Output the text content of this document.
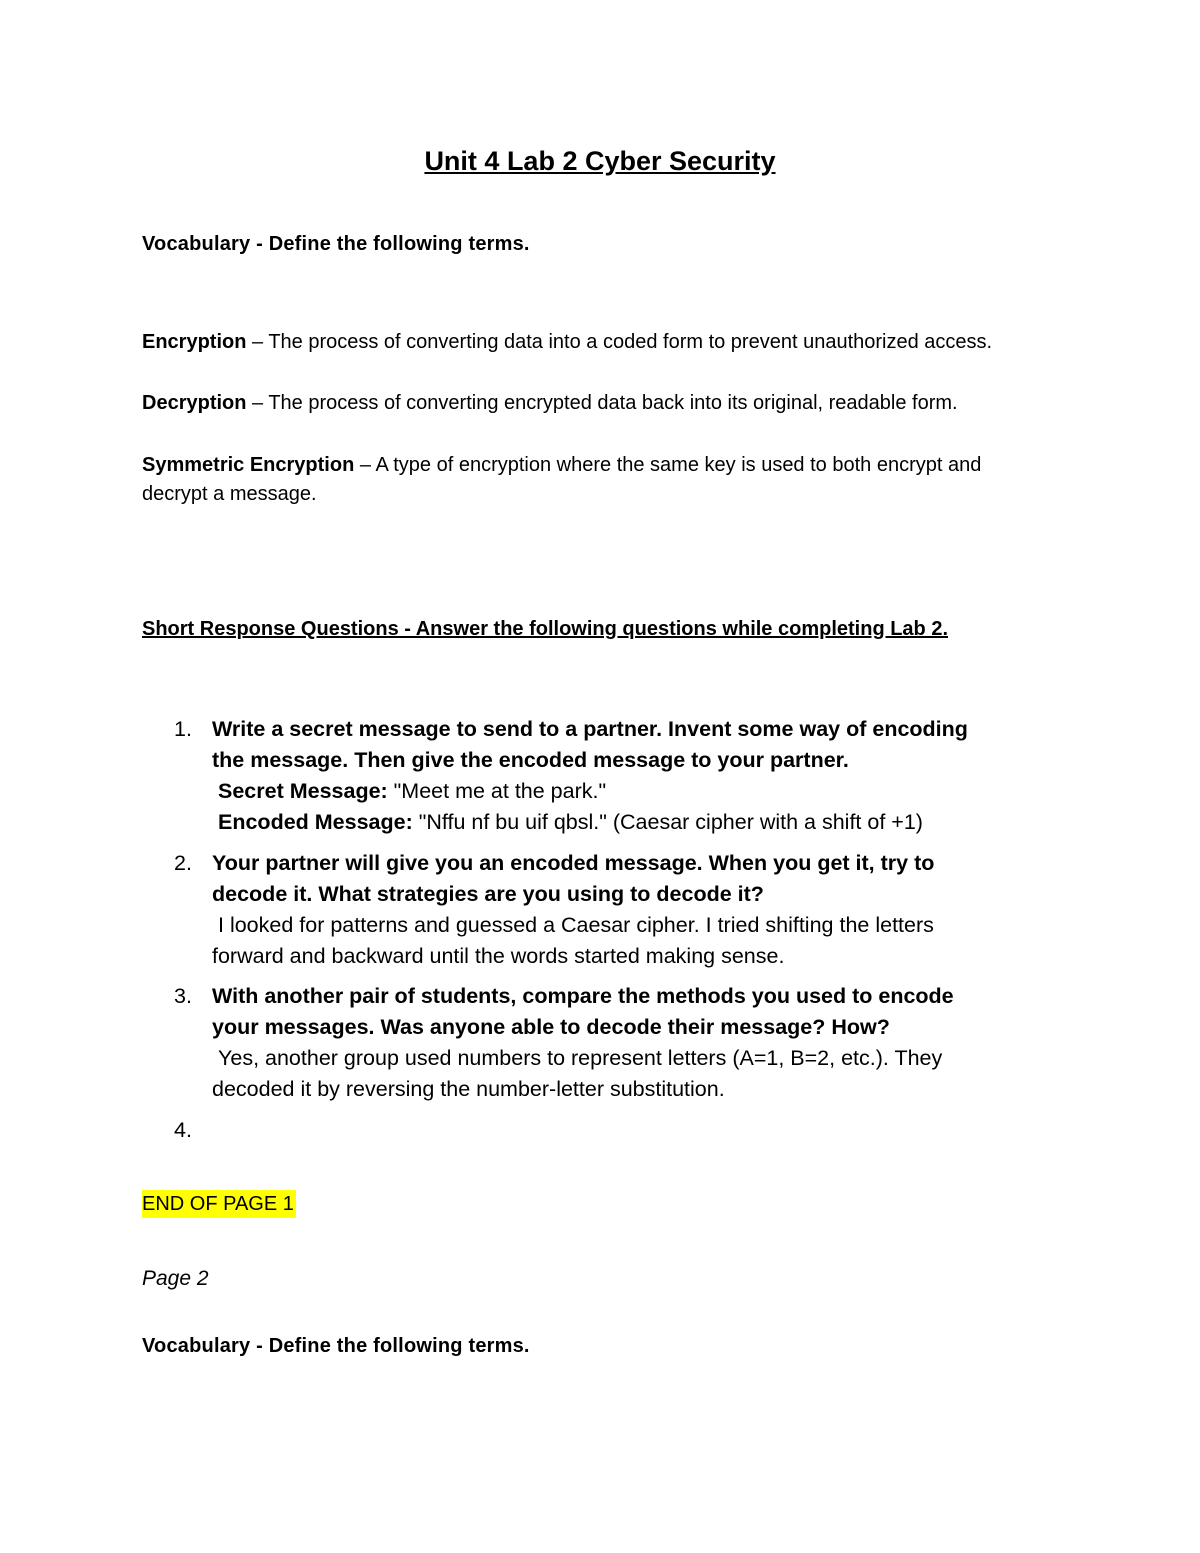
Unit 4 Lab 2 Cyber Security
Vocabulary - Define the following terms.
Encryption – The process of converting data into a coded form to prevent unauthorized access.
Decryption – The process of converting encrypted data back into its original, readable form.
Symmetric Encryption – A type of encryption where the same key is used to both encrypt and
decrypt a message.
Short Response Questions - Answer the following questions while completing Lab 2.
1. Write a secret message to send to a partner. Invent some way of encoding
the message. Then give the encoded message to your partner.
Secret Message: "Meet me at the park."
Encoded Message: "Nffu nf bu uif qbsl." (Caesar cipher with a shift of +1)
2. Your partner will give you an encoded message. When you get it, try to
decode it. What strategies are you using to decode it?
I looked for patterns and guessed a Caesar cipher. I tried shifting the letters
forward and backward until the words started making sense.
3. With another pair of students, compare the methods you used to encode
your messages. Was anyone able to decode their message? How?
Yes, another group used numbers to represent letters (A=1, B=2, etc.). They
decoded it by reversing the number-letter substitution.
4.
END OF PAGE 1
Page 2
Vocabulary - Define the following terms.
